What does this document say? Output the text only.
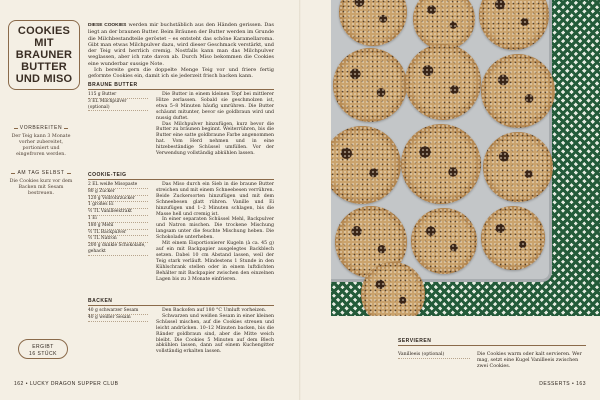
COOKIES MIT BRAUNER BUTTER UND MISO
VORBEREITEN
Der Teig kann 3 Monate vorher zubereitet, portioniert und eingefroren werden.
AM TAG SELBST
Die Cookies kurz vor dem Backen mit Sesam bestreuen.
ERGIBT
16 STÜCK

DIESE COOKIES werden mir buchstäblich aus den Händen gerissen. Das liegt an der braunen Butter. Beim Bräunen der Butter werden im Grunde die Milchbestandteile geröstet – es entsteht das schöne Karamellaroma. Gibt man etwas Milchpulver dazu, wird dieser Geschmack verstärkt, und der Teig wird herrlich cremig. Nostfalls kann man das Milchpulver weglassen, aber ich rate davon ab. Durch Miso bekommen die Cookies eine wunderbar sussige Note.

Ich bereite gern die doppelte Menge Teig vor und friere fertig geformte Cookies ein, damit ich sie jederzeit frisch backen kann.

BRAUNE BUTTER
115 g Butter
3 EL Milchpulver (optional)

Die Butter in einem kleinen Topf bei mittlerer Hitze zerlassen. Sobald sie geschmolzen ist, etwa 5–8 Minuten häufig umrühren. Die Butter schäumt mitunter, bevor sie goldbraun wird und nussig duftet.

Das Milchpulver hinzufügen, kurz bevor die Butter zu bräunen beginnt. Weiterrühren, bis die Butter eine satte goldbraune Farbe angenommen hat. Vom Herd nehmen und in eine hitzebeständige Schüssel umfüllen. Vor der Verwendung vollständig abkühlen lassen.

COOKIE-TEIG
2 EL weiße Misopaste
80 g Zucker
120 g Vollrohrzucker
1 großes Ei
½ TL Vanilleextrakt
1 Ei
180 g Mehl
½ TL Backpulver
½ TL Natron
200 g dunkle Schokolade, gehackt

Das Miso durch ein Sieb in die braune Butter streichen und mit einem Schneebesen verrühren. Beide Zuckersorten hinzufügen und mit dem Schneebesen glatt rühren. Vanille und Ei hinzufügen und 1–2 Minuten schlagen, bis die Masse hell und cremig ist.

In einer separaten Schüssel Mehl, Backpulver und Natron mischen. Die trockene Mischung langsam unter die feuchte Mischung heben. Die Schokolade unterheben.

Mit einem Eisportionierer Kugeln (à ca. 45 g) auf ein mit Backpapier ausgelegtes Backblech setzen. Dabei 10 cm Abstand lassen, weil der Teig stark verläuft. Mindestens 1 Stunde in den Kühlschrank stellen oder in einem luftdichten Behälter mit Backpapier zwischen den einzelnen Lagen bis zu 3 Monate einfrieren.

BACKEN
40 g schwarzer Sesam
40 g weißer Sesam

Den Backofen auf 180 °C Umluft vorheizen.

Schwarzen und weißen Sesam in einer kleinen Schüssel mischen, auf die Cookies streuen und leicht andrücken. 10–12 Minuten backen, bis die Ränder goldbraun sind, aber die Mitte weich bleibt. Die Cookies 5 Minuten auf dem Blech abkühlen lassen, dann auf einem Kuchengitter vollständig erkalten lassen.

162 • LUCKY DRAGON SUPPER CLUB
SERVIEREN
Vanilleeis (optional)	Die Cookies warm oder kalt servieren. Wer mag, setzt eine Kugel Vanilleeis zwischen zwei Cookies.
DESSERTS • 163
